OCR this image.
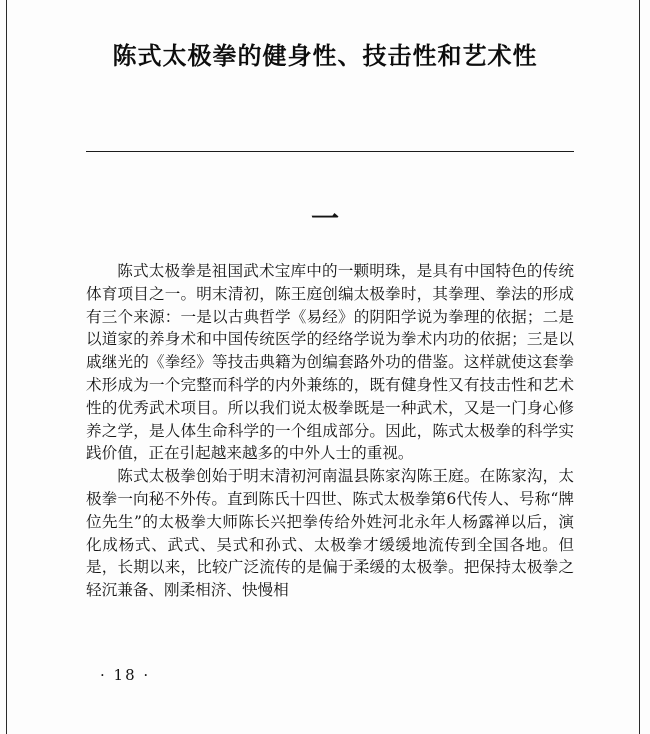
陈式太极拳的健身性、技击性和艺术性
一

陈式太极拳是祖国武术宝库中的一颗明珠，是具有中国特色的传统体育项目之一。明末清初，陈王庭创编太极拳时，其拳理、拳法的形成有三个来源：一是以古典哲学《易经》的阴阳学说为拳理的依据；二是以道家的养身术和中国传统医学的经络学说为拳术内功的依据；三是以戚继光的《拳经》等技击典籍为创编套路外功的借鉴。这样就使这套拳术形成为一个完整而科学的内外兼练的，既有健身性又有技击性和艺术性的优秀武术项目。所以我们说太极拳既是一种武术，又是一门身心修养之学，是人体生命科学的一个组成部分。因此，陈式太极拳的科学实践价值，正在引起越来越多的中外人士的重视。

陈式太极拳创始于明末清初河南温县陈家沟陈王庭。在陈家沟，太极拳一向秘不外传。直到陈氏十四世、陈式太极拳第6代传人、号称“牌位先生”的太极拳大师陈长兴把拳传给外姓河北永年人杨露禅以后，演化成杨式、武式、吴式和孙式、太极拳才缓缓地流传到全国各地。但是，长期以来，比较广泛流传的是偏于柔缓的太极拳。把保持太极拳之轻沉兼备、刚柔相济、快慢相

· 18 ·
